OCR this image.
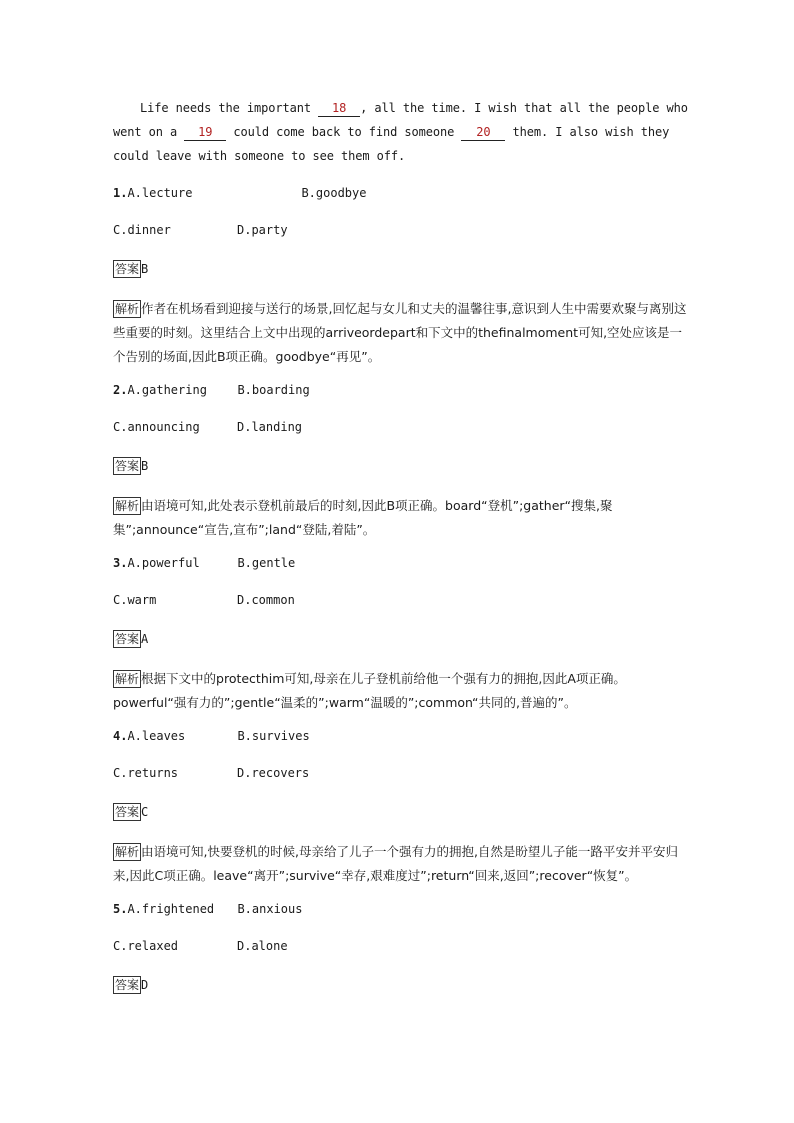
Life needs the important 18 , all the time. I wish that all the people who went on a 19 could come back to find someone 20 them. I also wish they could leave with someone to see them off.

1. A.lecture	B.goodbye
C.dinner	D.party
答案 B

解析 作者在机场看到迎接与送行的场景,回忆起与女儿和丈夫的温馨往事,意识到人生中需要欢聚与离别这些重要的时刻。这里结合上文中出现的arriveordepart和下文中的thefinalmoment可知,空处应该是一个告别的场面,因此B项正确。goodbye“再见”。

2. A.gathering	B.boarding
C.announcing	D.landing
答案 B

解析 由语境可知,此处表示登机前最后的时刻,因此B项正确。board“登机”;gather“搜集,聚集”;announce“宣告,宣布”;land“登陆,着陆”。

3. A.powerful	B.gentle
C.warm	D.common
答案 A

解析 根据下文中的protecthim可知,母亲在儿子登机前给他一个强有力的拥抱,因此A项正确。powerful“强有力的”;gentle“温柔的”;warm“温暖的”;common“共同的,普遍的”。

4. A.leaves	B.survives
C.returns	D.recovers
答案 C

解析 由语境可知,快要登机的时候,母亲给了儿子一个强有力的拥抱,自然是盼望儿子能一路平安并平安归来,因此C项正确。leave“离开”;survive“幸存,艰难度过”;return“回来,返回”;recover“恢复”。

5. A.frightened	B.anxious
C.relaxed	D.alone
答案 D
